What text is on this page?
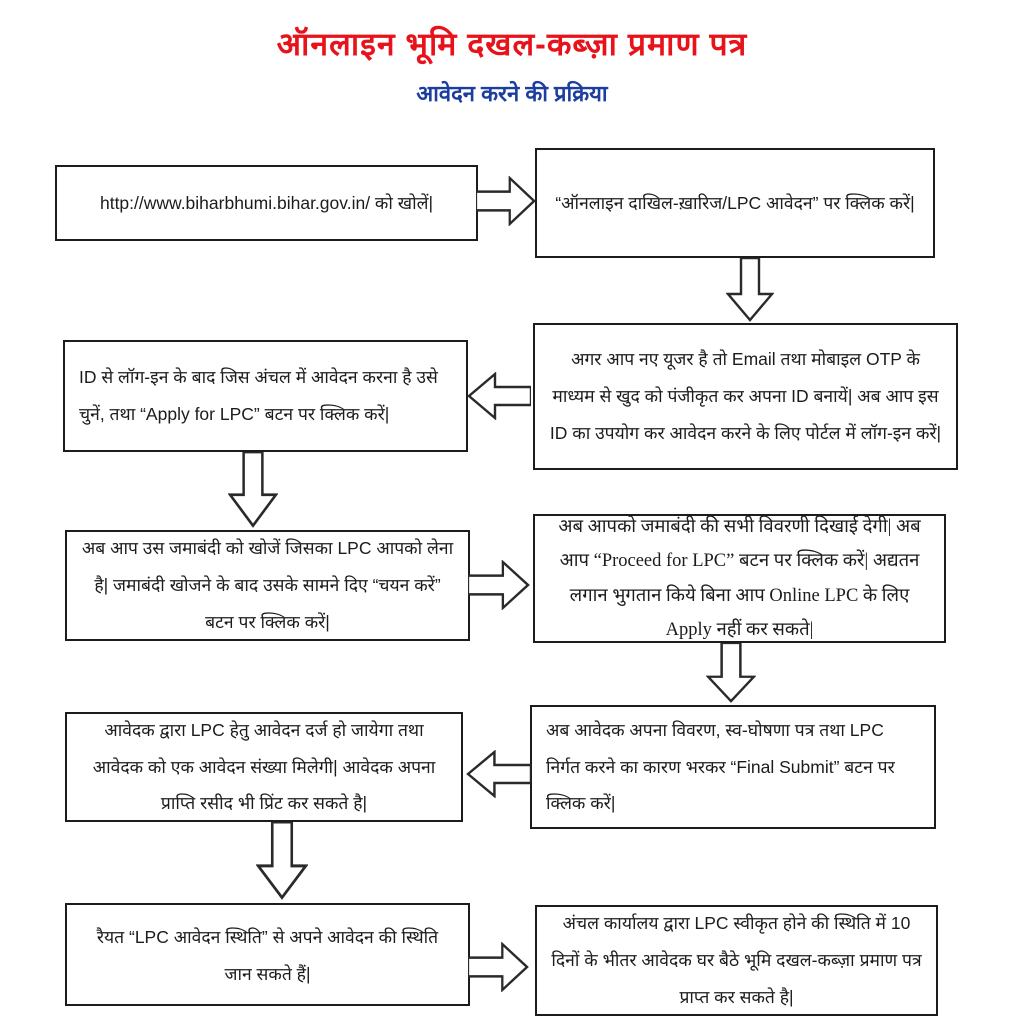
ऑनलाइन भूमि दखल-कब्ज़ा प्रमाण पत्र
आवेदन करने की प्रक्रिया
http://www.biharbhumi.bihar.gov.in/ को खोलें|	“ऑनलाइन दाखिल-ख़ारिज/LPC आवेदन” पर क्लिक करें|
अगर आप नए यूजर है तो Email तथा मोबाइल OTP के माध्यम से खुद को पंजीकृत कर अपना ID बनायें| अब आप इस ID का उपयोग कर आवेदन करने के लिए पोर्टल में लॉग-इन करें|
ID से लॉग-इन के बाद जिस अंचल में आवेदन करना है उसे चुनें, तथा “Apply for LPC” बटन पर क्लिक करें|
अब आप उस जमाबंदी को खोजें जिसका LPC आपको लेना है| जमाबंदी खोजने के बाद उसके सामने दिए “चयन करें” बटन पर क्लिक करें|
अब आपको जमाबंदी की सभी विवरणी दिखाई देगी| अब आप “Proceed for LPC” बटन पर क्लिक करें| अद्यतन लगान भुगतान किये बिना आप Online LPC के लिए Apply नहीं कर सकते|
अब आवेदक अपना विवरण, स्व-घोषणा पत्र तथा LPC निर्गत करने का कारण भरकर “Final Submit” बटन पर क्लिक करें|
आवेदक द्वारा LPC हेतु आवेदन दर्ज हो जायेगा तथा आवेदक को एक आवेदन संख्या मिलेगी| आवेदक अपना प्राप्ति रसीद भी प्रिंट कर सकते है|
रैयत “LPC आवेदन स्थिति” से अपने आवेदन की स्थिति जान सकते हैं|
अंचल कार्यालय द्वारा LPC स्वीकृत होने की स्थिति में 10 दिनों के भीतर आवेदक घर बैठे भूमि दखल-कब्ज़ा प्रमाण पत्र प्राप्त कर सकते है|
